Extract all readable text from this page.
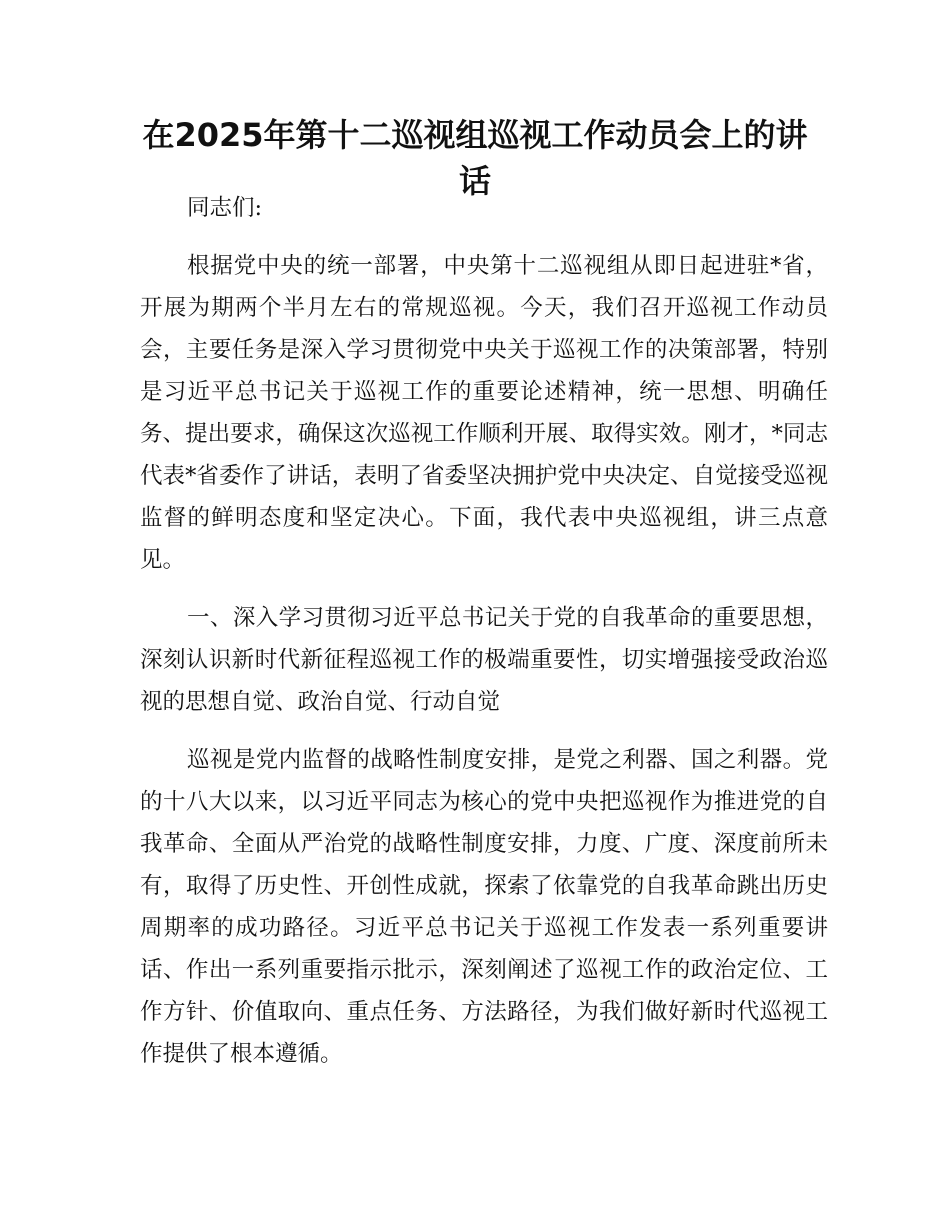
在2025年第十二巡视组巡视工作动员会上的讲话

同志们:

根据党中央的统一部署，中央第十二巡视组从即日起进驻*省，开展为期两个半月左右的常规巡视。今天，我们召开巡视工作动员会，主要任务是深入学习贯彻党中央关于巡视工作的决策部署，特别是习近平总书记关于巡视工作的重要论述精神，统一思想、明确任务、提出要求，确保这次巡视工作顺利开展、取得实效。刚才，*同志代表*省委作了讲话，表明了省委坚决拥护党中央决定、自觉接受巡视监督的鲜明态度和坚定决心。下面，我代表中央巡视组，讲三点意见。

一、深入学习贯彻习近平总书记关于党的自我革命的重要思想，深刻认识新时代新征程巡视工作的极端重要性，切实增强接受政治巡视的思想自觉、政治自觉、行动自觉

巡视是党内监督的战略性制度安排，是党之利器、国之利器。党的十八大以来，以习近平同志为核心的党中央把巡视作为推进党的自我革命、全面从严治党的战略性制度安排，力度、广度、深度前所未有，取得了历史性、开创性成就，探索了依靠党的自我革命跳出历史周期率的成功路径。习近平总书记关于巡视工作发表一系列重要讲话、作出一系列重要指示批示，深刻阐述了巡视工作的政治定位、工作方针、价值取向、重点任务、方法路径，为我们做好新时代巡视工作提供了根本遵循。
